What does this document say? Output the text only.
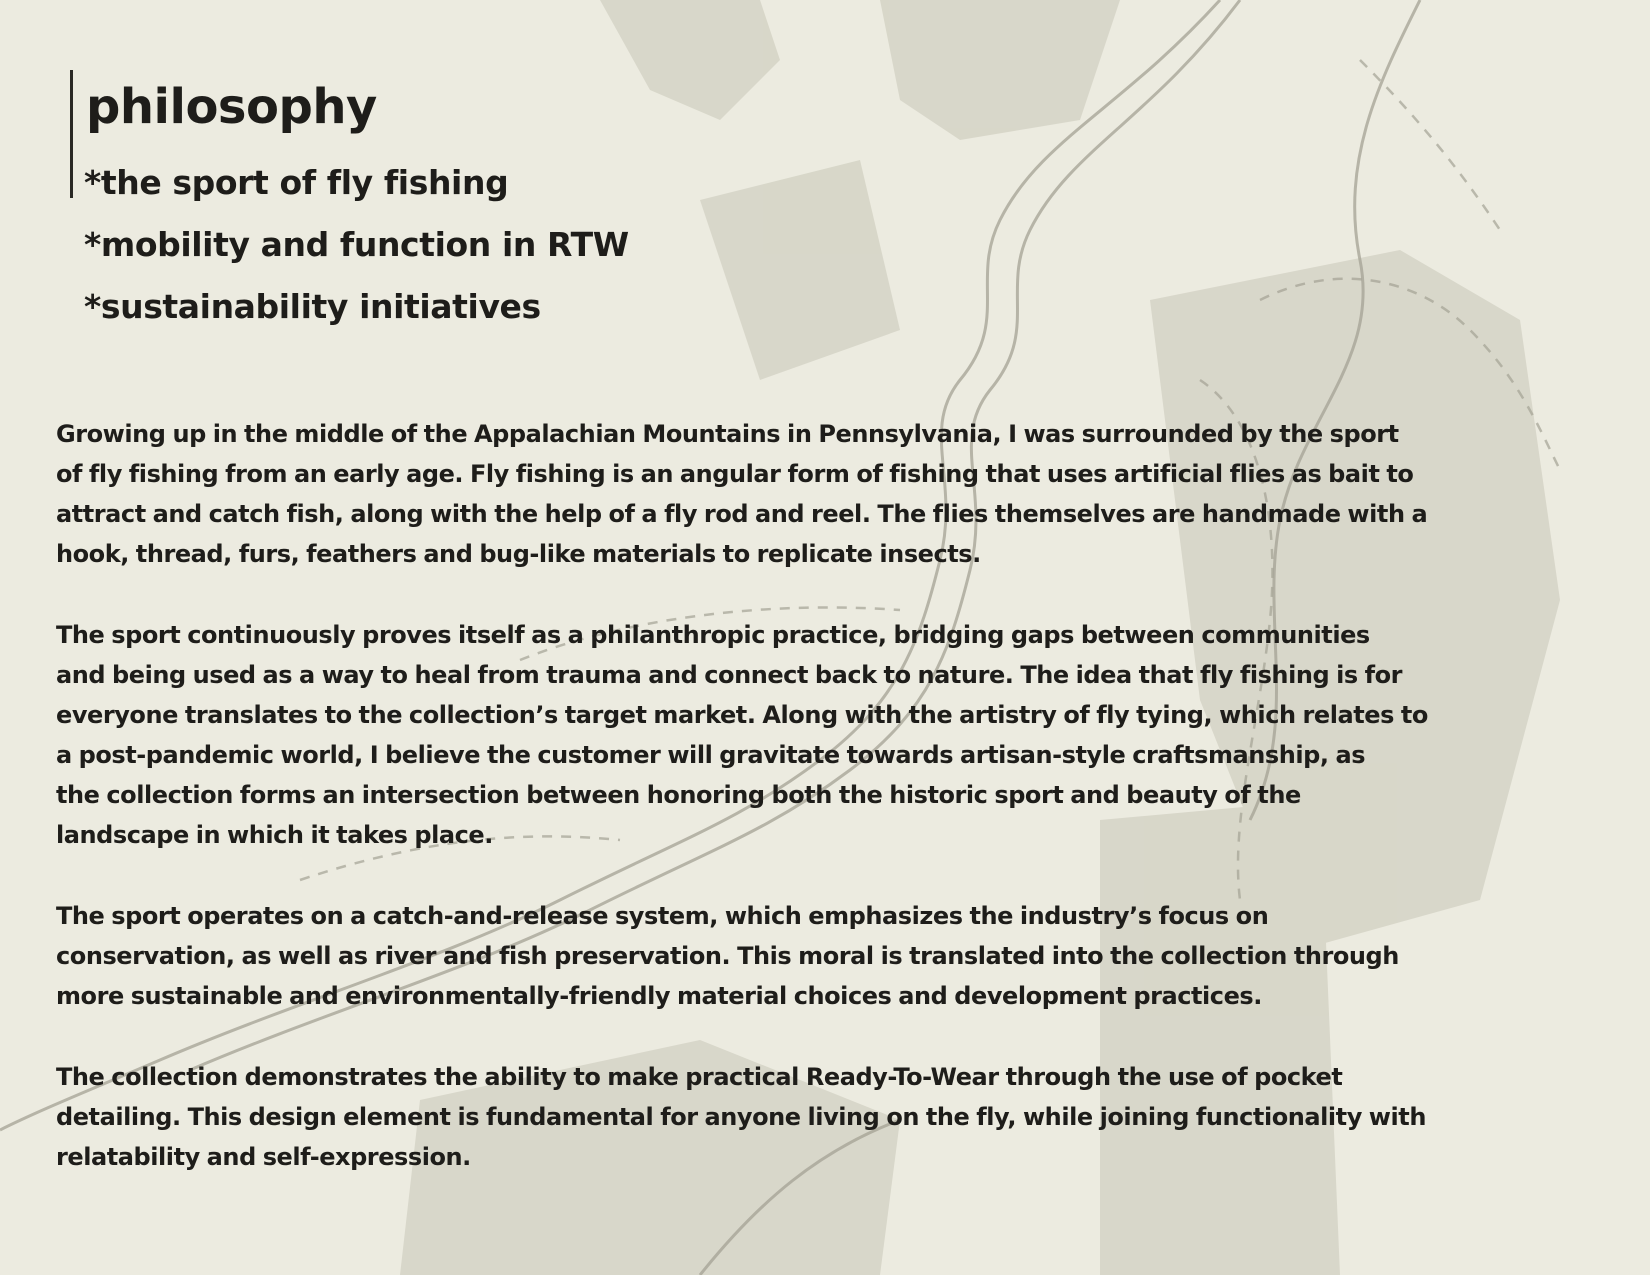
philosophy
*the sport of fly fishing
*mobility and function in RTW
*sustainability initiatives

Growing up in the middle of the Appalachian Mountains in Pennsylvania, I was surrounded by the sport
of fly fishing from an early age. Fly fishing is an angular form of fishing that uses artificial flies as bait to
attract and catch fish, along with the help of a fly rod and reel. The flies themselves are handmade with a
hook, thread, furs, feathers and bug-like materials to replicate insects.

The sport continuously proves itself as a philanthropic practice, bridging gaps between communities
and being used as a way to heal from trauma and connect back to nature. The idea that fly fishing is for
everyone translates to the collection’s target market. Along with the artistry of fly tying, which relates to
a post-pandemic world, I believe the customer will gravitate towards artisan-style craftsmanship, as
the collection forms an intersection between honoring both the historic sport and beauty of the
landscape in which it takes place.

The sport operates on a catch-and-release system, which emphasizes the industry’s focus on
conservation, as well as river and fish preservation. This moral is translated into the collection through
more sustainable and environmentally-friendly material choices and development practices.

The collection demonstrates the ability to make practical Ready-To-Wear through the use of pocket
detailing. This design element is fundamental for anyone living on the fly, while joining functionality with
relatability and self-expression.
